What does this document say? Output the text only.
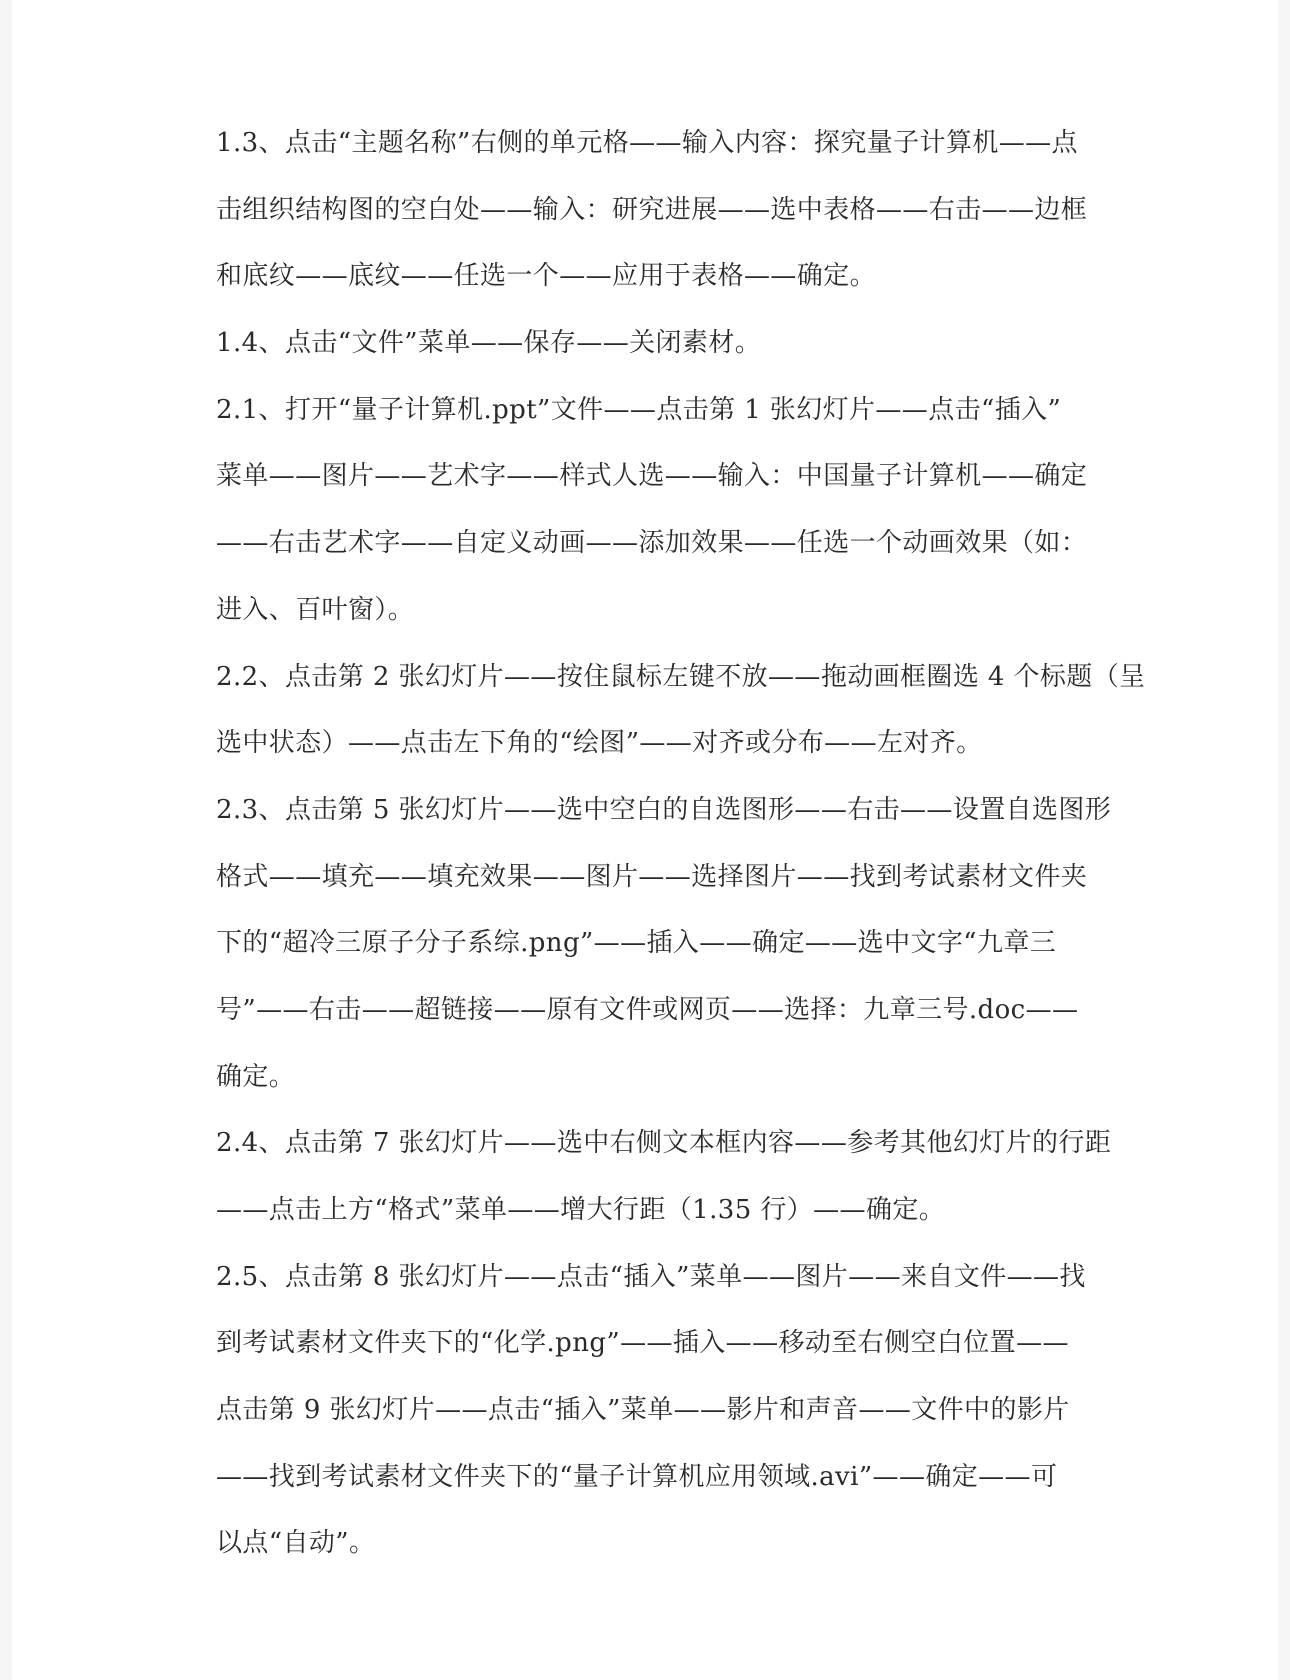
1.3、点击“主题名称”右侧的单元格——输入内容：探究量子计算机——点
击组织结构图的空白处——输入：研究进展——选中表格——右击——边框
和底纹——底纹——任选一个——应用于表格——确定。
1.4、点击“文件”菜单——保存——关闭素材。
2.1、打开“量子计算机.ppt”文件——点击第 1 张幻灯片——点击“插入”
菜单——图片——艺术字——样式人选——输入：中国量子计算机——确定
——右击艺术字——自定义动画——添加效果——任选一个动画效果（如：
进入、百叶窗）。
2.2、点击第 2 张幻灯片——按住鼠标左键不放——拖动画框圈选 4 个标题（呈
选中状态）——点击左下角的“绘图”——对齐或分布——左对齐。
2.3、点击第 5 张幻灯片——选中空白的自选图形——右击——设置自选图形
格式——填充——填充效果——图片——选择图片——找到考试素材文件夹
下的“超冷三原子分子系综.png”——插入——确定——选中文字“九章三
号”——右击——超链接——原有文件或网页——选择：九章三号.doc——
确定。
2.4、点击第 7 张幻灯片——选中右侧文本框内容——参考其他幻灯片的行距
——点击上方“格式”菜单——增大行距（1.35 行）——确定。
2.5、点击第 8 张幻灯片——点击“插入”菜单——图片——来自文件——找
到考试素材文件夹下的“化学.png”——插入——移动至右侧空白位置——
点击第 9 张幻灯片——点击“插入”菜单——影片和声音——文件中的影片
——找到考试素材文件夹下的“量子计算机应用领域.avi”——确定——可
以点“自动”。
